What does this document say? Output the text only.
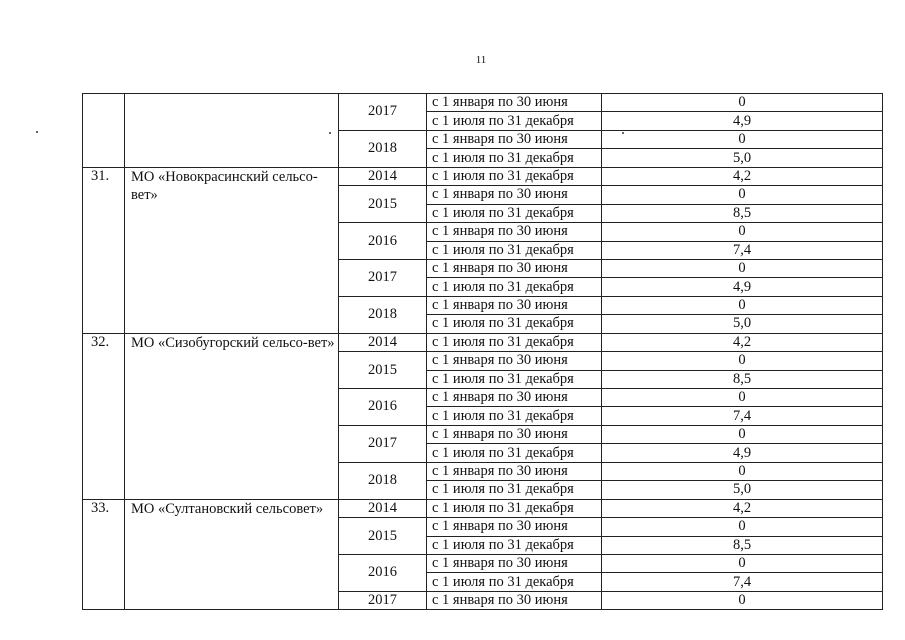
11
		2017	с 1 января по 30 июня	0
			с 1 июля по 31 декабря	4,9
		2018	с 1 января по 30 июня	0
			с 1 июля по 31 декабря	5,0
31.	МО «Новокрасинский сельсо-вет»	2014	с 1 июля по 31 декабря	4,2
		2015	с 1 января по 30 июня	0
			с 1 июля по 31 декабря	8,5
		2016	с 1 января по 30 июня	0
			с 1 июля по 31 декабря	7,4
		2017	с 1 января по 30 июня	0
			с 1 июля по 31 декабря	4,9
		2018	с 1 января по 30 июня	0
			с 1 июля по 31 декабря	5,0
32.	МО «Сизобугорский сельсо-вет»	2014	с 1 июля по 31 декабря	4,2
		2015	с 1 января по 30 июня	0
			с 1 июля по 31 декабря	8,5
		2016	с 1 января по 30 июня	0
			с 1 июля по 31 декабря	7,4
		2017	с 1 января по 30 июня	0
			с 1 июля по 31 декабря	4,9
		2018	с 1 января по 30 июня	0
			с 1 июля по 31 декабря	5,0
33.	МО «Султановский сельсовет»	2014	с 1 июля по 31 декабря	4,2
		2015	с 1 января по 30 июня	0
			с 1 июля по 31 декабря	8,5
		2016	с 1 января по 30 июня	0
			с 1 июля по 31 декабря	7,4
		2017	с 1 января по 30 июня	0
